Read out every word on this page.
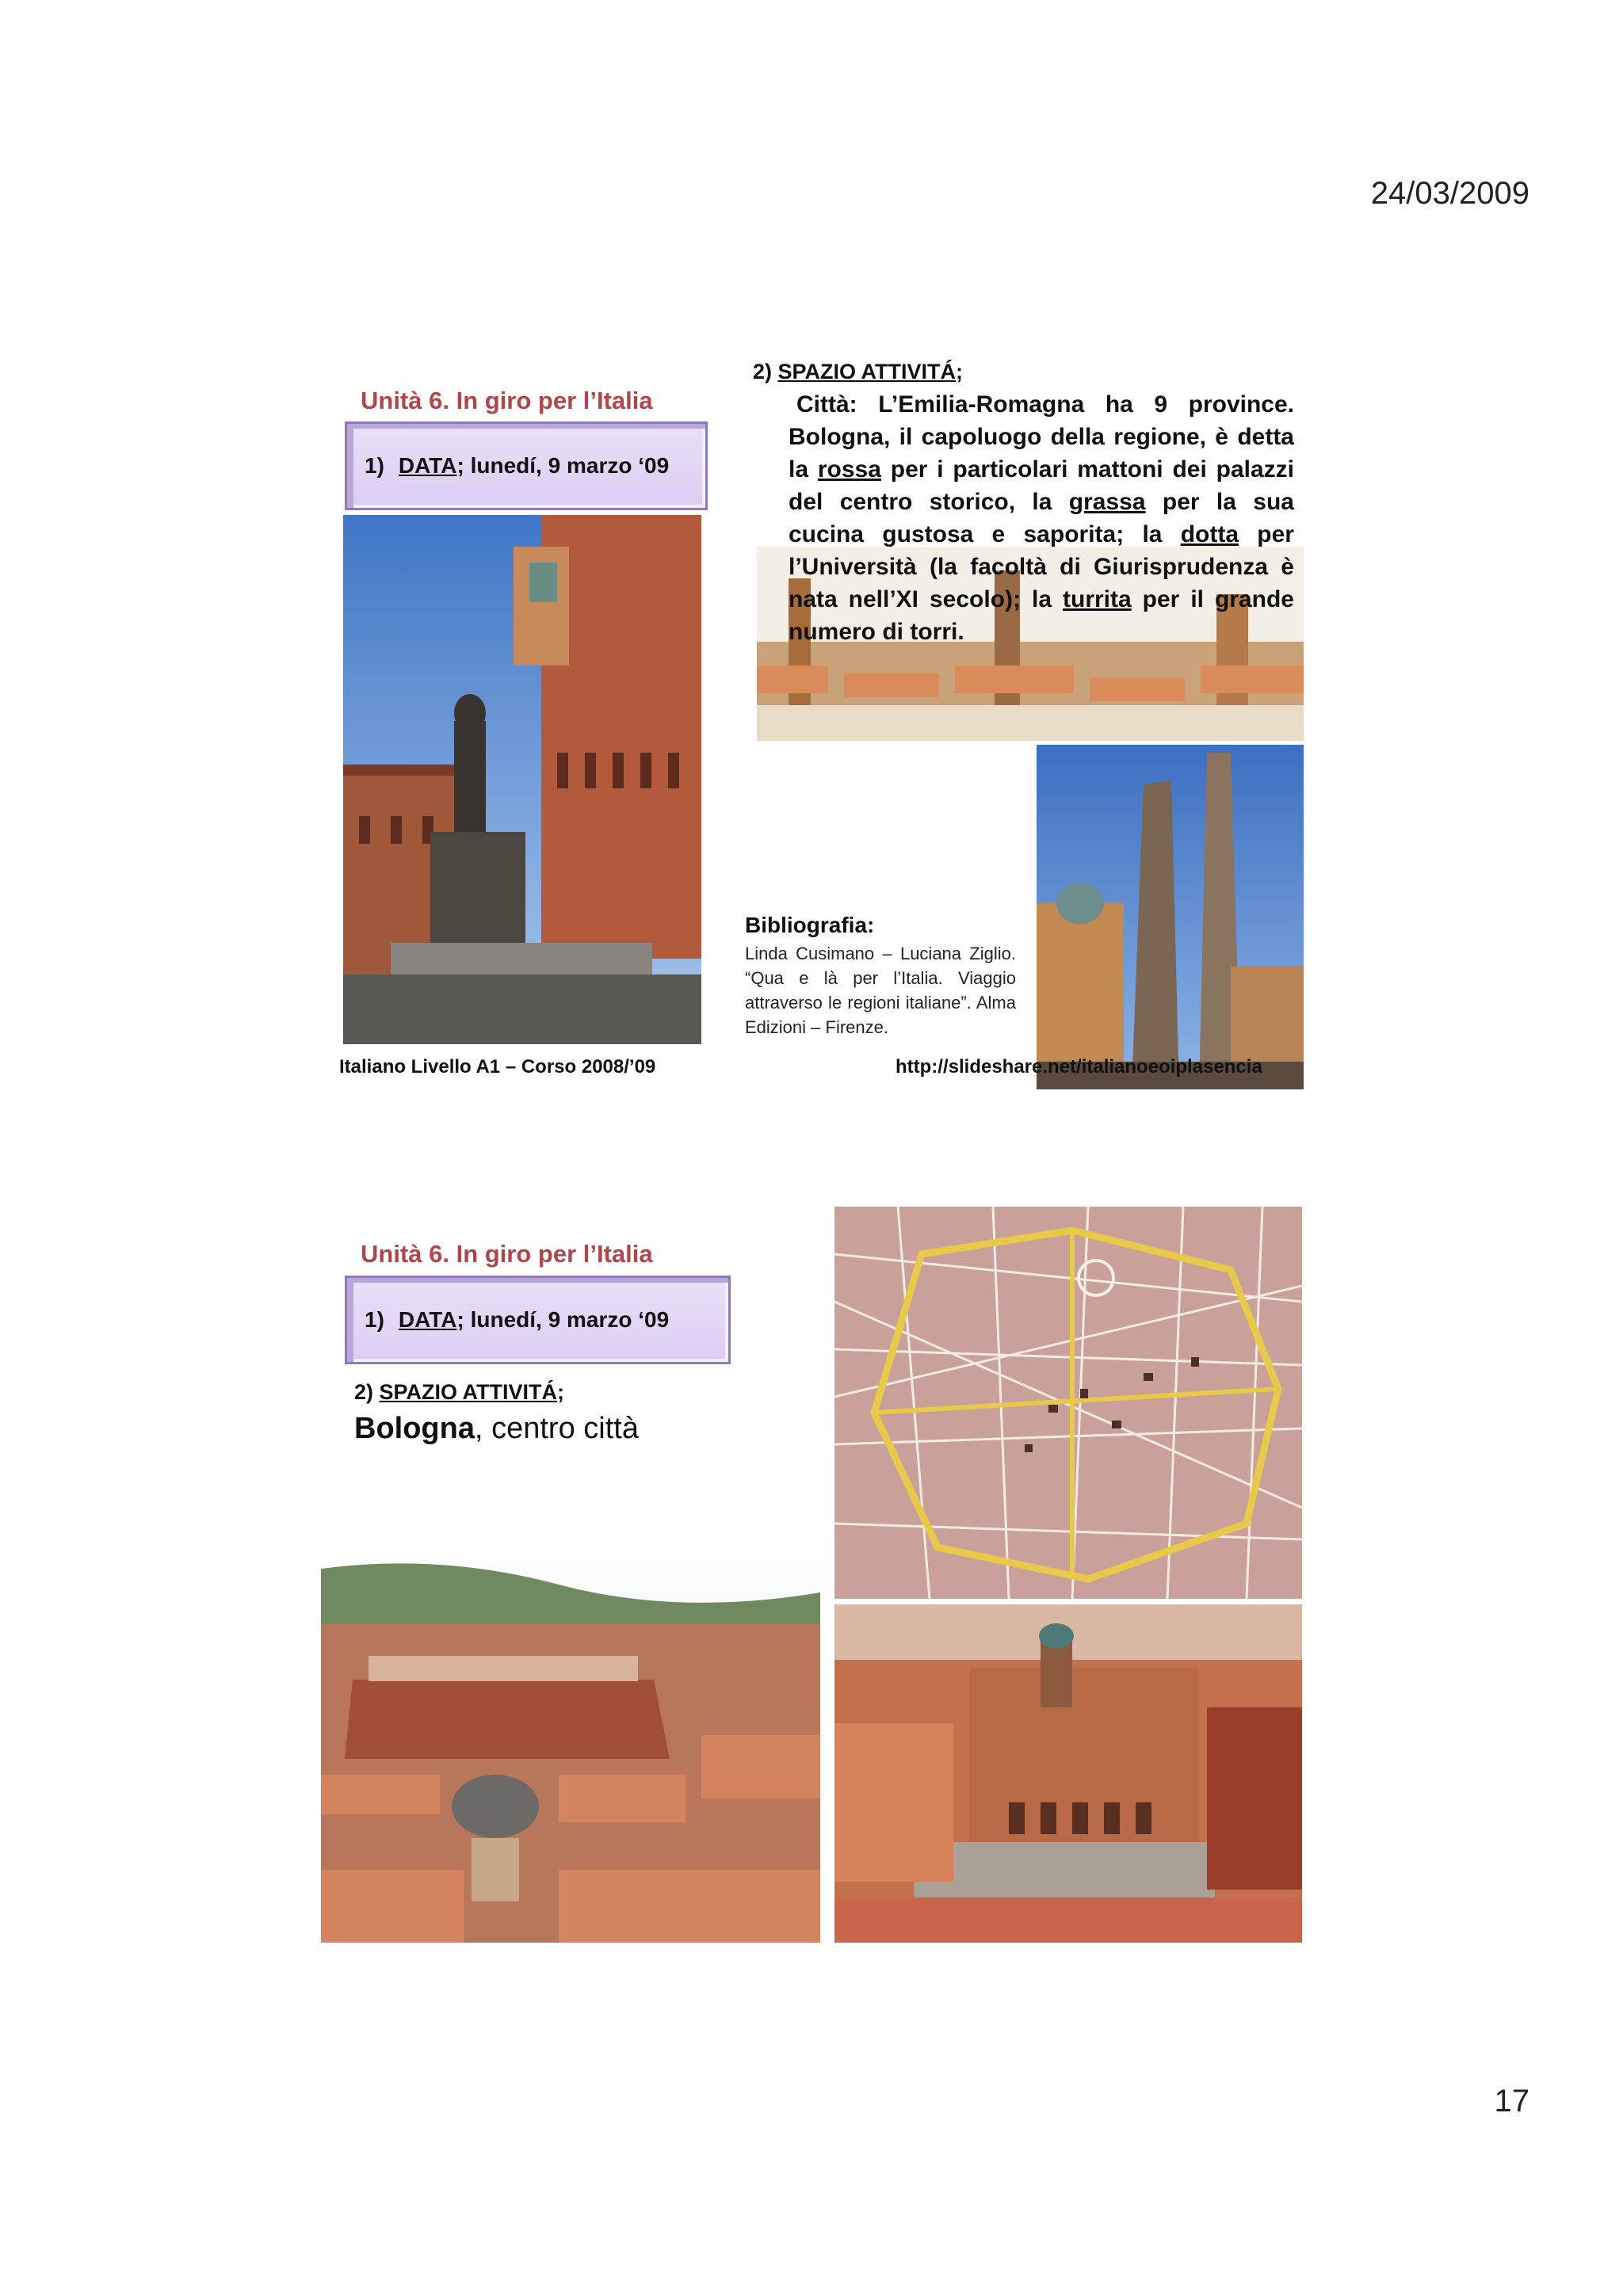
24/03/2009
17
Unità 6. In giro per l’Italia
1) DATA ; lunedí, 9 marzo ‘09
2) SPAZIO ATTIVITÁ;
Città: L’Emilia-Romagna ha 9 province. Bologna, il capoluogo della regione, è detta la rossa per i particolari mattoni dei palazzi del centro storico, la grassa per la sua cucina gustosa e saporita; la dotta per l’Università (la facoltà di Giurisprudenza è nata nell’XI secolo); la turrita per il grande numero di torri.
Bibliografia:
Linda Cusimano – Luciana Ziglio. “Qua e là per l’Italia. Viaggio attraverso le regioni italiane”. Alma Edizioni – Firenze.
Italiano Livello A1 – Corso 2008/’09	http://slideshare.net/italianoeoiplasencia
Unità 6. In giro per l’Italia
1) DATA ; lunedí, 9 marzo ‘09
2) SPAZIO ATTIVITÁ;
Bologna, centro città
